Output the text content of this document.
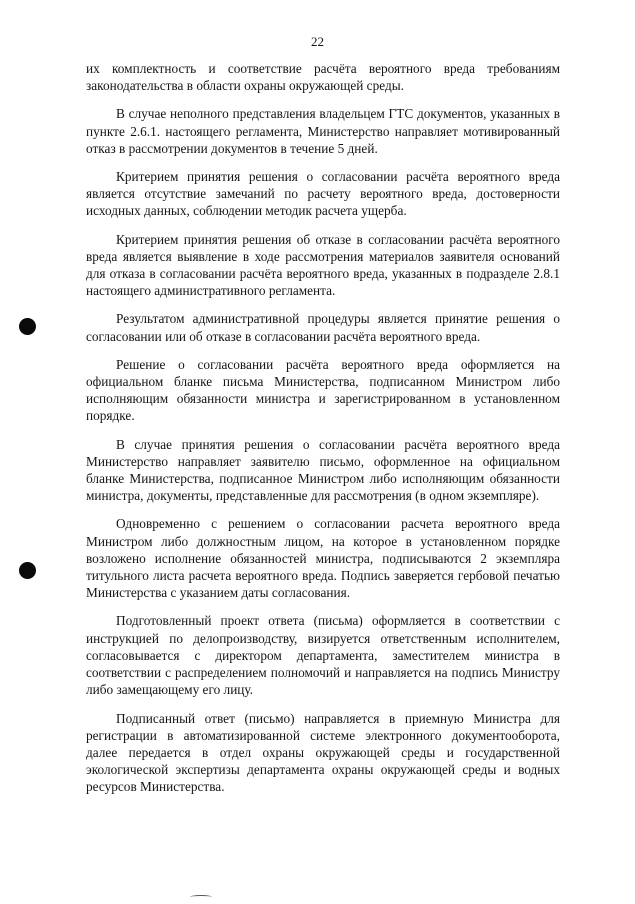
22

их комплектность и соответствие расчёта вероятного вреда требованиям законодательства в области охраны окружающей среды.

В случае неполного представления владельцем ГТС документов, указанных в пункте 2.6.1. настоящего регламента, Министерство направляет мотивированный отказ в рассмотрении документов в течение 5 дней.

Критерием принятия решения о согласовании расчёта вероятного вреда является отсутствие замечаний по расчету вероятного вреда, достоверности исходных данных, соблюдении методик расчета ущерба.

Критерием принятия решения об отказе в согласовании расчёта вероятного вреда является выявление в ходе рассмотрения материалов заявителя оснований для отказа в согласовании расчёта вероятного вреда, указанных в подразделе 2.8.1 настоящего административного регламента.

Результатом административной процедуры является принятие решения о согласовании или об отказе в согласовании расчёта вероятного вреда.

Решение о согласовании расчёта вероятного вреда оформляется на официальном бланке письма Министерства, подписанном Министром либо исполняющим обязанности министра и зарегистрированном в установленном порядке.

В случае принятия решения о согласовании расчёта вероятного вреда Министерство направляет заявителю письмо, оформленное на официальном бланке Министерства, подписанное Министром либо исполняющим обязанности министра, документы, представленные для рассмотрения (в одном экземпляре).

Одновременно с решением о согласовании расчета вероятного вреда Министром либо должностным лицом, на которое в установленном порядке возложено исполнение обязанностей министра, подписываются 2 экземпляра титульного листа расчета вероятного вреда. Подпись заверяется гербовой печатью Министерства с указанием даты согласования.

Подготовленный проект ответа (письма) оформляется в соответствии с инструкцией по делопроизводству, визируется ответственным исполнителем, согласовывается с директором департамента, заместителем министра в соответствии с распределением полномочий и направляется на подпись Министру либо замещающему его лицу.

Подписанный ответ (письмо) направляется в приемную Министра для регистрации в автоматизированной системе электронного документооборота, далее передается в отдел охраны окружающей среды и государственной экологической экспертизы департамента охраны окружающей среды и водных ресурсов Министерства.
